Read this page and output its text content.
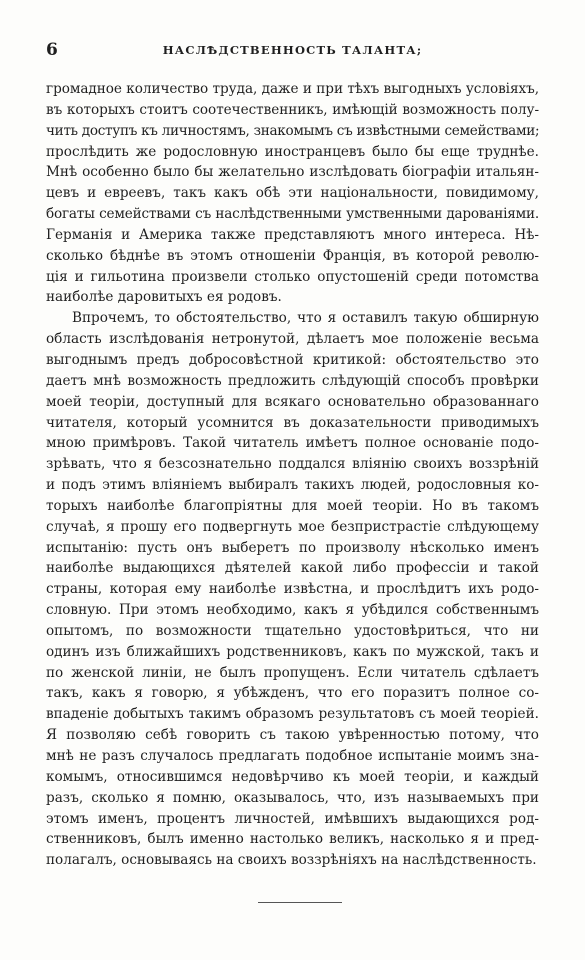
6	НАСЛѢДСТВЕННОСТЬ ТАЛАНТА;
громадное количество труда, даже и при тѣхъ выгодныхъ условіяхъ,
въ которыхъ стоитъ соотечественникъ, имѣющій возможность полу-
чить доступъ къ личностямъ, знакомымъ съ извѣстными семействами;
прослѣдить же родословную иностранцевъ было бы еще труднѣе.
Мнѣ особенно было бы желательно изслѣдовать біографіи итальян-
цевъ и евреевъ, такъ какъ обѣ эти національности, повидимому,
богаты семействами съ наслѣдственными умственными дарованіями.
Германія и Америка также представляютъ много интереса. Нѣ-
сколько бѣднѣе въ этомъ отношеніи Франція, въ которой револю-
ція и гильотина произвели столько опустошеній среди потомства
наиболѣе даровитыхъ ея родовъ.
Впрочемъ, то обстоятельство, что я оставилъ такую обширную
область изслѣдованія нетронутой, дѣлаетъ мое положеніе весьма
выгоднымъ предъ добросовѣстной критикой: обстоятельство это
даетъ мнѣ возможность предложить слѣдующій способъ провѣрки
моей теоріи, доступный для всякаго основательно образованнаго
читателя, который усомнится въ доказательности приводимыхъ
мною примѣровъ. Такой читатель имѣетъ полное основаніе подо-
зрѣвать, что я безсознательно поддался вліянію своихъ воззрѣній
и подъ этимъ вліяніемъ выбиралъ такихъ людей, родословныя ко-
торыхъ наиболѣе благопріятны для моей теоріи. Но въ такомъ
случаѣ, я прошу его подвергнуть мое безпристрастіе слѣдующему
испытанію: пусть онъ выберетъ по произволу нѣсколько именъ
наиболѣе выдающихся дѣятелей какой либо профессіи и такой
страны, которая ему наиболѣе извѣстна, и прослѣдитъ ихъ родо-
словную. При этомъ необходимо, какъ я убѣдился собственнымъ
опытомъ, по возможности тщательно удостовѣриться, что ни
одинъ изъ ближайшихъ родственниковъ, какъ по мужской, такъ и
по женской линіи, не былъ пропущенъ. Если читатель сдѣлаетъ
такъ, какъ я говорю, я убѣжденъ, что его поразитъ полное со-
впаденіе добытыхъ такимъ образомъ результатовъ съ моей теоріей.
Я позволяю себѣ говорить съ такою увѣренностью потому, что
мнѣ не разъ случалось предлагать подобное испытаніе моимъ зна-
комымъ, относившимся недовѣрчиво къ моей теоріи, и каждый
разъ, сколько я помню, оказывалось, что, изъ называемыхъ при
этомъ именъ, процентъ личностей, имѣвшихъ выдающихся род-
ственниковъ, былъ именно настолько великъ, насколько я и пред-
полагалъ, основываясь на своихъ воззрѣніяхъ на наслѣдственность.
